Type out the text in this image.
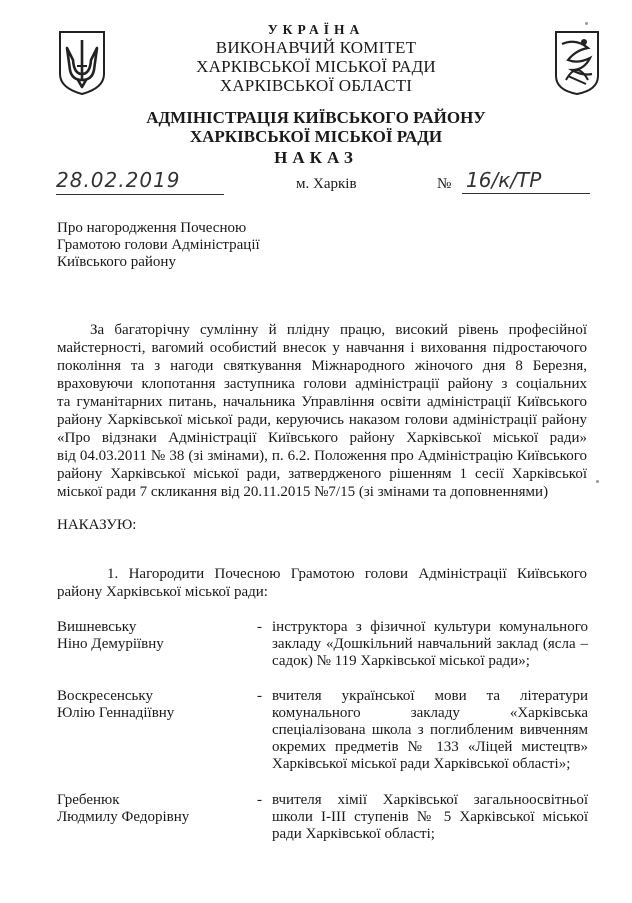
УКРАЇНА
ВИКОНАВЧИЙ КОМІТЕТ
ХАРКІВСЬКОЇ МІСЬКОЇ РАДИ
ХАРКІВСЬКОЇ ОБЛАСТІ
АДМІНІСТРАЦІЯ КИЇВСЬКОГО РАЙОНУ
ХАРКІВСЬКОЇ МІСЬКОЇ РАДИ
НАКАЗ
28.02.2019	м. Харків	№ 16/к/ТР
Про нагородження Почесною
Грамотою голови Адміністрації
Київського району
За багаторічну сумлінну й плідну працю, високий рівень професійної
майстерності, вагомий особистий внесок у навчання і виховання підростаючого
покоління та з нагоди святкування Міжнародного жіночого дня 8 Березня,
враховуючи клопотання заступника голови адміністрації району з соціальних
та гуманітарних питань, начальника Управління освіти адміністрації Київського
району Харківської міської ради, керуючись наказом голови адміністрації району
«Про відзнаки Адміністрації Київського району Харківської міської ради»
від 04.03.2011 № 38 (зі змінами), п. 6.2. Положення про Адміністрацію Київського
району Харківської міської ради, затвердженого рішенням 1 сесії Харківської
міської ради 7 скликання від 20.11.2015 №7/15 (зі змінами та доповненнями)
НАКАЗУЮ:
1. Нагородити Почесною Грамотою голови Адміністрації Київського
району Харківської міської ради:
Вишневську
Ніно Демуріївну
- інструктора з фізичної культури комунального
закладу «Дошкільний навчальний заклад (ясла –
садок) № 119 Харківської міської ради»;
Воскресенську
Юлію Геннадіївну
- вчителя української мови та літератури
комунального закладу «Харківська
спеціалізована школа з поглибленим вивченням
окремих предметів № 133 «Ліцей мистецтв»
Харківської міської ради Харківської області»;
Гребенюк
Людмилу Федорівну
- вчителя хімії Харківської загальноосвітньої
школи І-ІІІ ступенів № 5 Харківської міської
ради Харківської області;
